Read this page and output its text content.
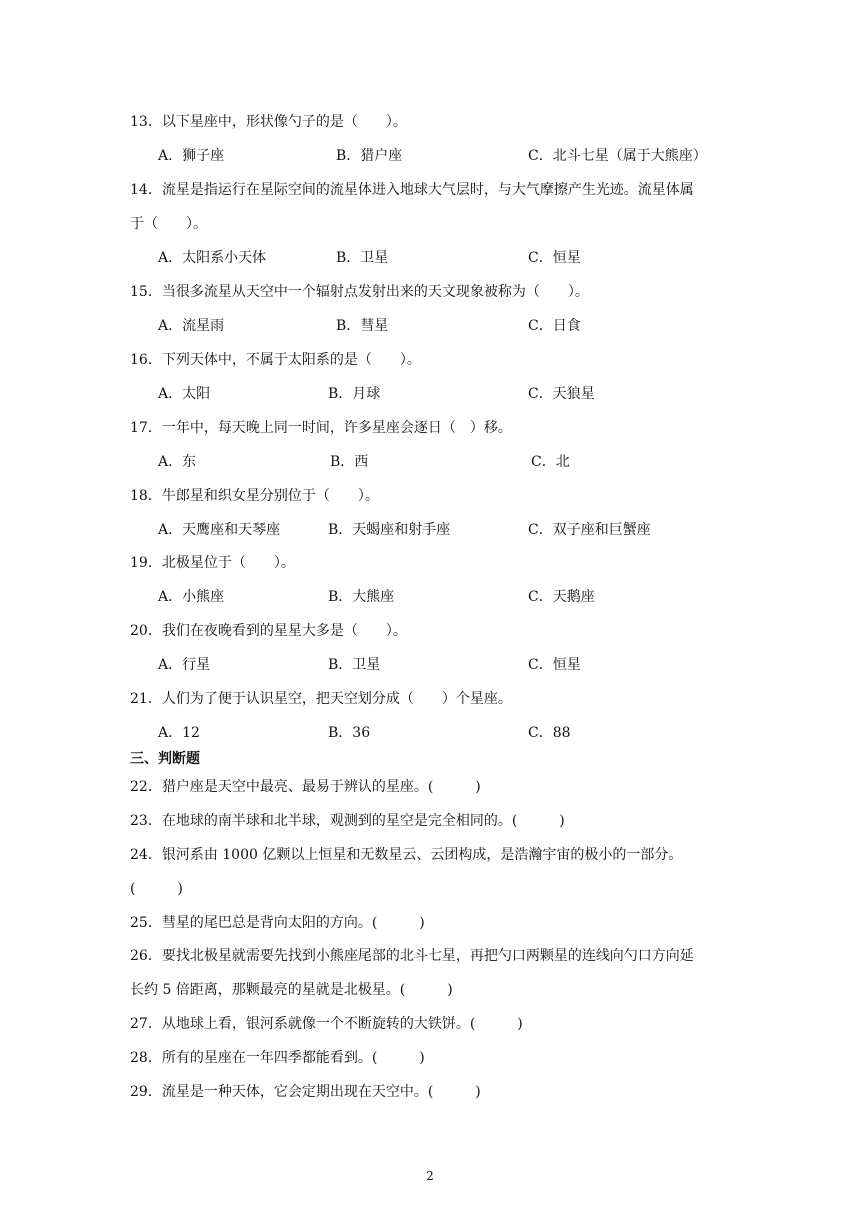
13．以下星座中，形状像勺子的是（　　）。
A．狮子座	B．猎户座	C．北斗七星（属于大熊座）
14．流星是指运行在星际空间的流星体进入地球大气层时，与大气摩擦产生光迹。流星体属
于（　　）。
A．太阳系小天体	B．卫星	C．恒星
15．当很多流星从天空中一个辐射点发射出来的天文现象被称为（　　）。
A．流星雨	B．彗星	C．日食
16．下列天体中，不属于太阳系的是（　　）。
A．太阳	B．月球	C．天狼星
17．一年中，每天晚上同一时间，许多星座会逐日（　）移。
A．东	B．西	C．北
18．牛郎星和织女星分别位于（　　）。
A．天鹰座和天琴座	B．天蝎座和射手座	C．双子座和巨蟹座
19．北极星位于（　　）。
A．小熊座	B．大熊座	C．天鹅座
20．我们在夜晚看到的星星大多是（　　）。
A．行星	B．卫星	C．恒星
21．人们为了便于认识星空，把天空划分成（　　）个星座。
A．12	B．36	C．88
三、判断题
22．猎户座是天空中最亮、最易于辨认的星座。(　　　)
23．在地球的南半球和北半球，观测到的星空是完全相同的。(　　　)
24．银河系由 1000 亿颗以上恒星和无数星云、云团构成，是浩瀚宇宙的极小的一部分。
(　　　)
25．彗星的尾巴总是背向太阳的方向。(　　　)
26．要找北极星就需要先找到小熊座尾部的北斗七星，再把勺口两颗星的连线向勺口方向延
长约 5 倍距离，那颗最亮的星就是北极星。(　　　)
27．从地球上看，银河系就像一个不断旋转的大铁饼。(　　　)
28．所有的星座在一年四季都能看到。(　　　)
29．流星是一种天体，它会定期出现在天空中。(　　　)
2
